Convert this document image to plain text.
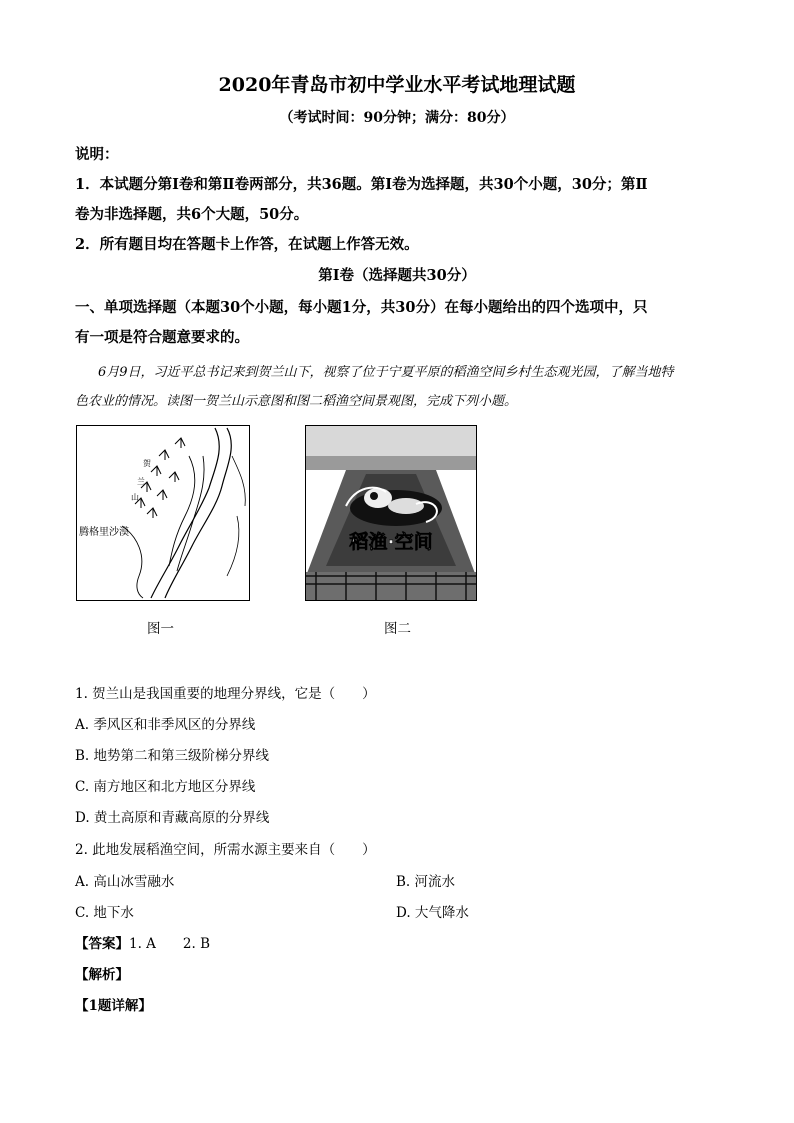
2020年青岛市初中学业水平考试地理试题
（考试时间：90分钟；满分：80分）
说明：
1．本试题分第Ⅰ卷和第Ⅱ卷两部分，共36题。第Ⅰ卷为选择题，共30个小题，30分；第Ⅱ
卷为非选择题，共6个大题，50分。
2．所有题目均在答题卡上作答，在试题上作答无效。
第Ⅰ卷（选择题共30分）
一、单项选择题（本题30个小题，每小题1分，共30分）在每小题给出的四个选项中，只
有一项是符合题意要求的。
6月9日，习近平总书记来到贺兰山下，视察了位于宁夏平原的稻渔空间乡村生态观光园，了解当地特
色农业的情况。读图一贺兰山示意图和图二稻渔空间景观图，完成下列小题。
贺
兰
山
腾格里沙漠
图一
稻渔·空间
图二
1. 贺兰山是我国重要的地理分界线，它是（　　）
A. 季风区和非季风区的分界线
B. 地势第二和第三级阶梯分界线
C. 南方地区和北方地区分界线
D. 黄土高原和青藏高原的分界线
2. 此地发展稻渔空间，所需水源主要来自（　　）
A. 高山冰雪融水	B. 河流水
C. 地下水	D. 大气降水
【答案】1. A　　2. B
【解析】
【1题详解】
